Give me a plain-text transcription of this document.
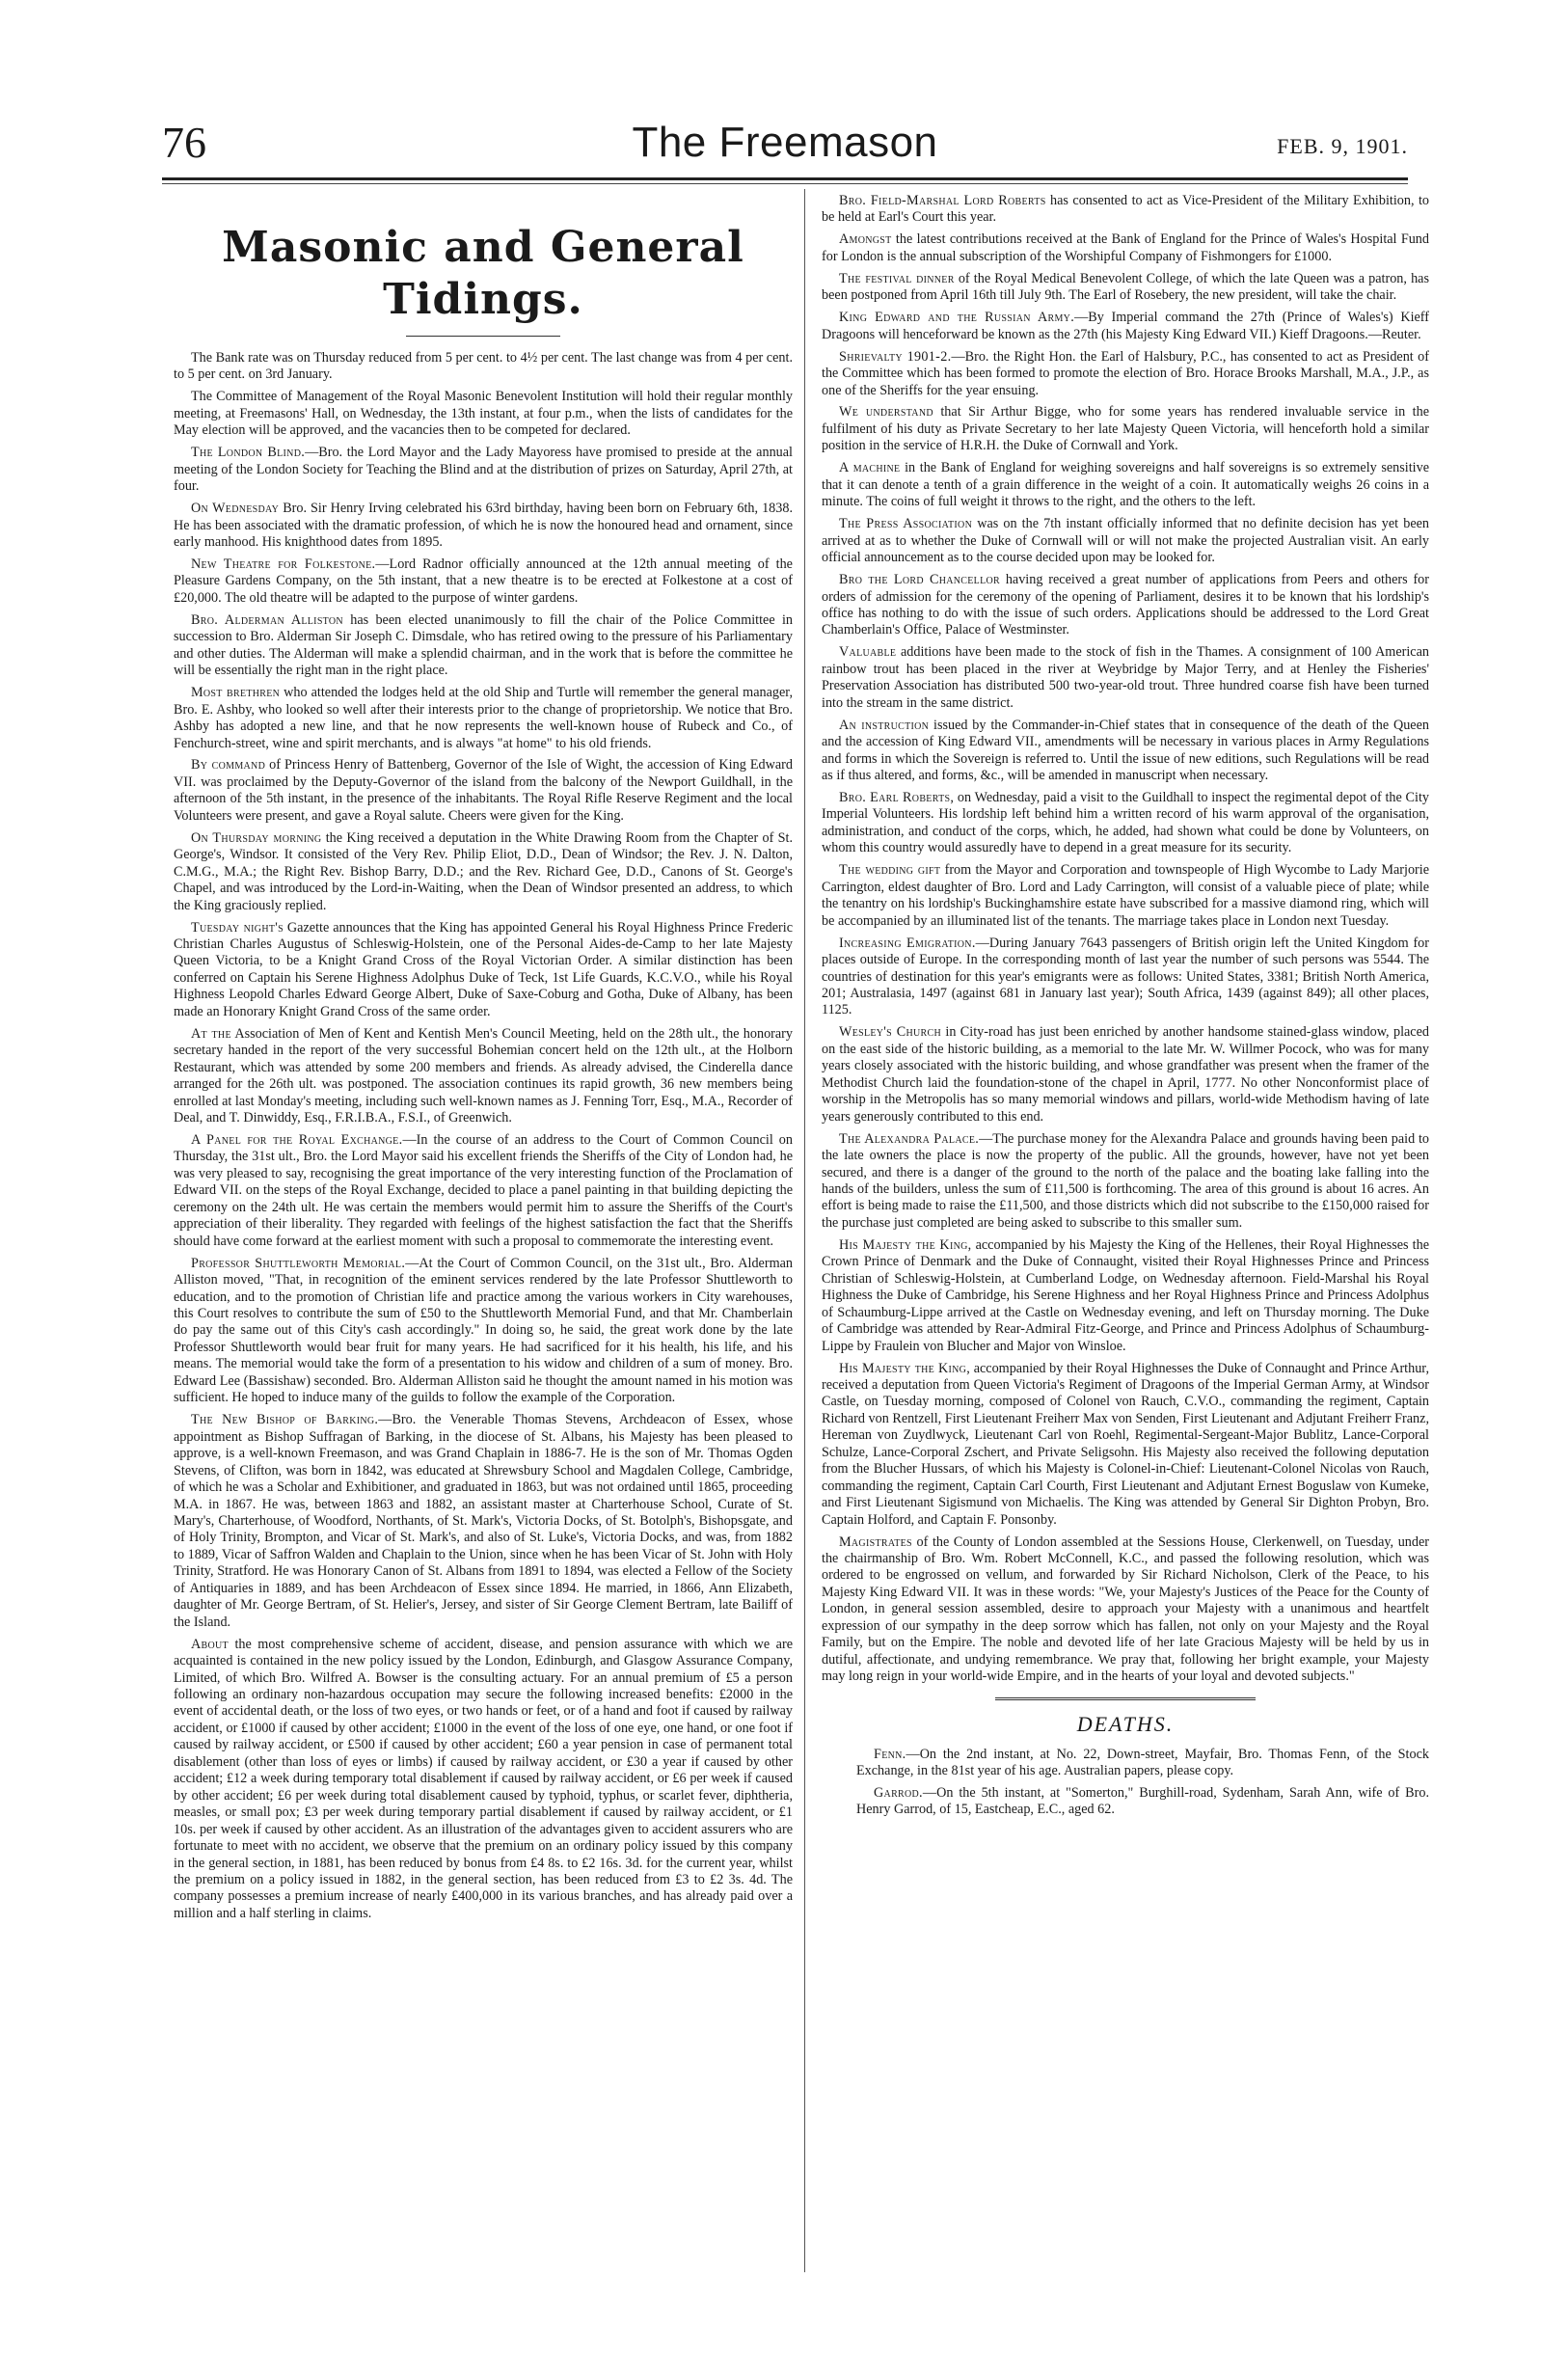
76	The Freemason	FEB. 9, 1901.
Masonic and General Tidings.

The Bank rate was on Thursday reduced from 5 per cent. to 4½ per cent. The last change was from 4 per cent. to 5 per cent. on 3rd January.

The Committee of Management of the Royal Masonic Benevolent Institution will hold their regular monthly meeting, at Freemasons' Hall, on Wednesday, the 13th instant, at four p.m., when the lists of candidates for the May election will be approved, and the vacancies then to be competed for declared.

The London Blind.—Bro. the Lord Mayor and the Lady Mayoress have promised to preside at the annual meeting of the London Society for Teaching the Blind and at the distribution of prizes on Saturday, April 27th, at four.

On Wednesday Bro. Sir Henry Irving celebrated his 63rd birthday, having been born on February 6th, 1838. He has been associated with the dramatic profession, of which he is now the honoured head and ornament, since early manhood. His knighthood dates from 1895.

New Theatre for Folkestone.—Lord Radnor officially announced at the 12th annual meeting of the Pleasure Gardens Company, on the 5th instant, that a new theatre is to be erected at Folkestone at a cost of £20,000. The old theatre will be adapted to the purpose of winter gardens.

Bro. Alderman Alliston has been elected unanimously to fill the chair of the Police Committee in succession to Bro. Alderman Sir Joseph C. Dimsdale, who has retired owing to the pressure of his Parliamentary and other duties. The Alderman will make a splendid chairman, and in the work that is before the committee he will be essentially the right man in the right place.

Most brethren who attended the lodges held at the old Ship and Turtle will remember the general manager, Bro. E. Ashby, who looked so well after their interests prior to the change of proprietorship. We notice that Bro. Ashby has adopted a new line, and that he now represents the well-known house of Rubeck and Co., of Fenchurch-street, wine and spirit merchants, and is always "at home" to his old friends.

By command of Princess Henry of Battenberg, Governor of the Isle of Wight, the accession of King Edward VII. was proclaimed by the Deputy-Governor of the island from the balcony of the Newport Guildhall, in the afternoon of the 5th instant, in the presence of the inhabitants. The Royal Rifle Reserve Regiment and the local Volunteers were present, and gave a Royal salute. Cheers were given for the King.

On Thursday morning the King received a deputation in the White Drawing Room from the Chapter of St. George's, Windsor. It consisted of the Very Rev. Philip Eliot, D.D., Dean of Windsor; the Rev. J. N. Dalton, C.M.G., M.A.; the Right Rev. Bishop Barry, D.D.; and the Rev. Richard Gee, D.D., Canons of St. George's Chapel, and was introduced by the Lord-in-Waiting, when the Dean of Windsor presented an address, to which the King graciously replied.

Tuesday night's Gazette announces that the King has appointed General his Royal Highness Prince Frederic Christian Charles Augustus of Schleswig-Holstein, one of the Personal Aides-de-Camp to her late Majesty Queen Victoria, to be a Knight Grand Cross of the Royal Victorian Order. A similar distinction has been conferred on Captain his Serene Highness Adolphus Duke of Teck, 1st Life Guards, K.C.V.O., while his Royal Highness Leopold Charles Edward George Albert, Duke of Saxe-Coburg and Gotha, Duke of Albany, has been made an Honorary Knight Grand Cross of the same order.

At the Association of Men of Kent and Kentish Men's Council Meeting, held on the 28th ult., the honorary secretary handed in the report of the very successful Bohemian concert held on the 12th ult., at the Holborn Restaurant, which was attended by some 200 members and friends. As already advised, the Cinderella dance arranged for the 26th ult. was postponed. The association continues its rapid growth, 36 new members being enrolled at last Monday's meeting, including such well-known names as J. Fenning Torr, Esq., M.A., Recorder of Deal, and T. Dinwiddy, Esq., F.R.I.B.A., F.S.I., of Greenwich.

A Panel for the Royal Exchange.—In the course of an address to the Court of Common Council on Thursday, the 31st ult., Bro. the Lord Mayor said his excellent friends the Sheriffs of the City of London had, he was very pleased to say, recognising the great importance of the very interesting function of the Proclamation of Edward VII. on the steps of the Royal Exchange, decided to place a panel painting in that building depicting the ceremony on the 24th ult. He was certain the members would permit him to assure the Sheriffs of the Court's appreciation of their liberality. They regarded with feelings of the highest satisfaction the fact that the Sheriffs should have come forward at the earliest moment with such a proposal to commemorate the interesting event.

Professor Shuttleworth Memorial.—At the Court of Common Council, on the 31st ult., Bro. Alderman Alliston moved, "That, in recognition of the eminent services rendered by the late Professor Shuttleworth to education, and to the promotion of Christian life and practice among the various workers in City warehouses, this Court resolves to contribute the sum of £50 to the Shuttleworth Memorial Fund, and that Mr. Chamberlain do pay the same out of this City's cash accordingly." In doing so, he said, the great work done by the late Professor Shuttleworth would bear fruit for many years. He had sacrificed for it his health, his life, and his means. The memorial would take the form of a presentation to his widow and children of a sum of money. Bro. Edward Lee (Bassishaw) seconded. Bro. Alderman Alliston said he thought the amount named in his motion was sufficient. He hoped to induce many of the guilds to follow the example of the Corporation.

The New Bishop of Barking.—Bro. the Venerable Thomas Stevens, Archdeacon of Essex, whose appointment as Bishop Suffragan of Barking, in the diocese of St. Albans, his Majesty has been pleased to approve, is a well-known Freemason, and was Grand Chaplain in 1886-7. He is the son of Mr. Thomas Ogden Stevens, of Clifton, was born in 1842, was educated at Shrewsbury School and Magdalen College, Cambridge, of which he was a Scholar and Exhibitioner, and graduated in 1863, but was not ordained until 1865, proceeding M.A. in 1867. He was, between 1863 and 1882, an assistant master at Charterhouse School, Curate of St. Mary's, Charterhouse, of Woodford, Northants, of St. Mark's, Victoria Docks, of St. Botolph's, Bishopsgate, and of Holy Trinity, Brompton, and Vicar of St. Mark's, and also of St. Luke's, Victoria Docks, and was, from 1882 to 1889, Vicar of Saffron Walden and Chaplain to the Union, since when he has been Vicar of St. John with Holy Trinity, Stratford. He was Honorary Canon of St. Albans from 1891 to 1894, was elected a Fellow of the Society of Antiquaries in 1889, and has been Archdeacon of Essex since 1894. He married, in 1866, Ann Elizabeth, daughter of Mr. George Bertram, of St. Helier's, Jersey, and sister of Sir George Clement Bertram, late Bailiff of the Island.

About the most comprehensive scheme of accident, disease, and pension assurance with which we are acquainted is contained in the new policy issued by the London, Edinburgh, and Glasgow Assurance Company, Limited, of which Bro. Wilfred A. Bowser is the consulting actuary. For an annual premium of £5 a person following an ordinary non-hazardous occupation may secure the following increased benefits: £2000 in the event of accidental death, or the loss of two eyes, or two hands or feet, or of a hand and foot if caused by railway accident, or £1000 if caused by other accident; £1000 in the event of the loss of one eye, one hand, or one foot if caused by railway accident, or £500 if caused by other accident; £60 a year pension in case of permanent total disablement (other than loss of eyes or limbs) if caused by railway accident, or £30 a year if caused by other accident; £12 a week during temporary total disablement if caused by railway accident, or £6 per week if caused by other accident; £6 per week during total disablement caused by typhoid, typhus, or scarlet fever, diphtheria, measles, or small pox; £3 per week during temporary partial disablement if caused by railway accident, or £1 10s. per week if caused by other accident. As an illustration of the advantages given to accident assurers who are fortunate to meet with no accident, we observe that the premium on an ordinary policy issued by this company in the general section, in 1881, has been reduced by bonus from £4 8s. to £2 16s. 3d. for the current year, whilst the premium on a policy issued in 1882, in the general section, has been reduced from £3 to £2 3s. 4d. The company possesses a premium increase of nearly £400,000 in its various branches, and has already paid over a million and a half sterling in claims.

Bro. Field-Marshal Lord Roberts has consented to act as Vice-President of the Military Exhibition, to be held at Earl's Court this year.

Amongst the latest contributions received at the Bank of England for the Prince of Wales's Hospital Fund for London is the annual subscription of the Worshipful Company of Fishmongers for £1000.

The festival dinner of the Royal Medical Benevolent College, of which the late Queen was a patron, has been postponed from April 16th till July 9th. The Earl of Rosebery, the new president, will take the chair.

King Edward and the Russian Army.—By Imperial command the 27th (Prince of Wales's) Kieff Dragoons will henceforward be known as the 27th (his Majesty King Edward VII.) Kieff Dragoons.—Reuter.

Shrievalty 1901-2.—Bro. the Right Hon. the Earl of Halsbury, P.C., has consented to act as President of the Committee which has been formed to promote the election of Bro. Horace Brooks Marshall, M.A., J.P., as one of the Sheriffs for the year ensuing.

We understand that Sir Arthur Bigge, who for some years has rendered invaluable service in the fulfilment of his duty as Private Secretary to her late Majesty Queen Victoria, will henceforth hold a similar position in the service of H.R.H. the Duke of Cornwall and York.

A machine in the Bank of England for weighing sovereigns and half sovereigns is so extremely sensitive that it can denote a tenth of a grain difference in the weight of a coin. It automatically weighs 26 coins in a minute. The coins of full weight it throws to the right, and the others to the left.

The Press Association was on the 7th instant officially informed that no definite decision has yet been arrived at as to whether the Duke of Cornwall will or will not make the projected Australian visit. An early official announcement as to the course decided upon may be looked for.

Bro the Lord Chancellor having received a great number of applications from Peers and others for orders of admission for the ceremony of the opening of Parliament, desires it to be known that his lordship's office has nothing to do with the issue of such orders. Applications should be addressed to the Lord Great Chamberlain's Office, Palace of Westminster.

Valuable additions have been made to the stock of fish in the Thames. A consignment of 100 American rainbow trout has been placed in the river at Weybridge by Major Terry, and at Henley the Fisheries' Preservation Association has distributed 500 two-year-old trout. Three hundred coarse fish have been turned into the stream in the same district.

An instruction issued by the Commander-in-Chief states that in consequence of the death of the Queen and the accession of King Edward VII., amendments will be necessary in various places in Army Regulations and forms in which the Sovereign is referred to. Until the issue of new editions, such Regulations will be read as if thus altered, and forms, &c., will be amended in manuscript when necessary.

Bro. Earl Roberts, on Wednesday, paid a visit to the Guildhall to inspect the regimental depot of the City Imperial Volunteers. His lordship left behind him a written record of his warm approval of the organisation, administration, and conduct of the corps, which, he added, had shown what could be done by Volunteers, on whom this country would assuredly have to depend in a great measure for its security.

The wedding gift from the Mayor and Corporation and townspeople of High Wycombe to Lady Marjorie Carrington, eldest daughter of Bro. Lord and Lady Carrington, will consist of a valuable piece of plate; while the tenantry on his lordship's Buckinghamshire estate have subscribed for a massive diamond ring, which will be accompanied by an illuminated list of the tenants. The marriage takes place in London next Tuesday.

Increasing Emigration.—During January 7643 passengers of British origin left the United Kingdom for places outside of Europe. In the corresponding month of last year the number of such persons was 5544. The countries of destination for this year's emigrants were as follows: United States, 3381; British North America, 201; Australasia, 1497 (against 681 in January last year); South Africa, 1439 (against 849); all other places, 1125.

Wesley's Church in City-road has just been enriched by another handsome stained-glass window, placed on the east side of the historic building, as a memorial to the late Mr. W. Willmer Pocock, who was for many years closely associated with the historic building, and whose grandfather was present when the framer of the Methodist Church laid the foundation-stone of the chapel in April, 1777. No other Nonconformist place of worship in the Metropolis has so many memorial windows and pillars, world-wide Methodism having of late years generously contributed to this end.

The Alexandra Palace.—The purchase money for the Alexandra Palace and grounds having been paid to the late owners the place is now the property of the public. All the grounds, however, have not yet been secured, and there is a danger of the ground to the north of the palace and the boating lake falling into the hands of the builders, unless the sum of £11,500 is forthcoming. The area of this ground is about 16 acres. An effort is being made to raise the £11,500, and those districts which did not subscribe to the £150,000 raised for the purchase just completed are being asked to subscribe to this smaller sum.

His Majesty the King, accompanied by his Majesty the King of the Hellenes, their Royal Highnesses the Crown Prince of Denmark and the Duke of Connaught, visited their Royal Highnesses Prince and Princess Christian of Schleswig-Holstein, at Cumberland Lodge, on Wednesday afternoon. Field-Marshal his Royal Highness the Duke of Cambridge, his Serene Highness and her Royal Highness Prince and Princess Adolphus of Schaumburg-Lippe arrived at the Castle on Wednesday evening, and left on Thursday morning. The Duke of Cambridge was attended by Rear-Admiral Fitz-George, and Prince and Princess Adolphus of Schaumburg-Lippe by Fraulein von Blucher and Major von Winsloe.

His Majesty the King, accompanied by their Royal Highnesses the Duke of Connaught and Prince Arthur, received a deputation from Queen Victoria's Regiment of Dragoons of the Imperial German Army, at Windsor Castle, on Tuesday morning, composed of Colonel von Rauch, C.V.O., commanding the regiment, Captain Richard von Rentzell, First Lieutenant Freiherr Max von Senden, First Lieutenant and Adjutant Freiherr Franz, Hereman von Zuydlwyck, Lieutenant Carl von Roehl, Regimental-Sergeant-Major Bublitz, Lance-Corporal Schulze, Lance-Corporal Zschert, and Private Seligsohn. His Majesty also received the following deputation from the Blucher Hussars, of which his Majesty is Colonel-in-Chief: Lieutenant-Colonel Nicolas von Rauch, commanding the regiment, Captain Carl Courth, First Lieutenant and Adjutant Ernest Boguslaw von Kumeke, and First Lieutenant Sigismund von Michaelis. The King was attended by General Sir Dighton Probyn, Bro. Captain Holford, and Captain F. Ponsonby.

Magistrates of the County of London assembled at the Sessions House, Clerkenwell, on Tuesday, under the chairmanship of Bro. Wm. Robert McConnell, K.C., and passed the following resolution, which was ordered to be engrossed on vellum, and forwarded by Sir Richard Nicholson, Clerk of the Peace, to his Majesty King Edward VII. It was in these words: "We, your Majesty's Justices of the Peace for the County of London, in general session assembled, desire to approach your Majesty with a unanimous and heartfelt expression of our sympathy in the deep sorrow which has fallen, not only on your Majesty and the Royal Family, but on the Empire. The noble and devoted life of her late Gracious Majesty will be held by us in dutiful, affectionate, and undying remembrance. We pray that, following her bright example, your Majesty may long reign in your world-wide Empire, and in the hearts of your loyal and devoted subjects."

DEATHS.

Fenn.—On the 2nd instant, at No. 22, Down-street, Mayfair, Bro. Thomas Fenn, of the Stock Exchange, in the 81st year of his age. Australian papers, please copy.

Garrod.—On the 5th instant, at "Somerton," Burghill-road, Sydenham, Sarah Ann, wife of Bro. Henry Garrod, of 15, Eastcheap, E.C., aged 62.
